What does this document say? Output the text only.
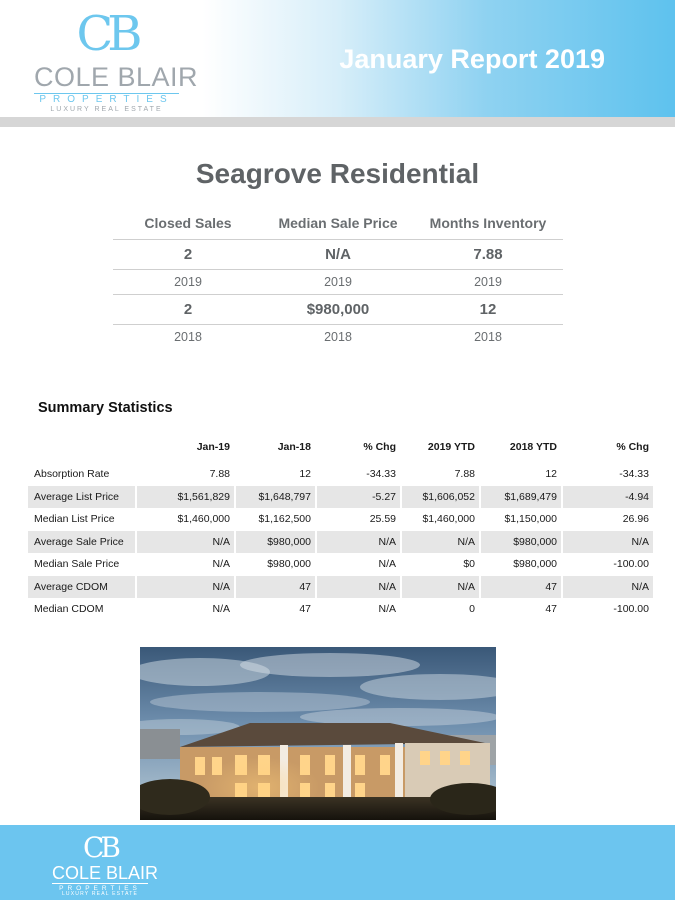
CB
COLE BLAIR
PROPERTIES
LUXURY REAL ESTATE
January Report 2019
Seagrove Residential
Closed Sales	Median Sale Price	Months Inventory
2	N/A	7.88
2019	2019	2019
2	$980,000	12
2018	2018	2018
Summary Statistics
Jan-19	Jan-18	% Chg	2019 YTD	2018 YTD	% Chg
Absorption Rate	7.88	12	-34.33	7.88	12	-34.33
Average List Price	$1,561,829	$1,648,797	-5.27	$1,606,052	$1,689,479	-4.94
Median List Price	$1,460,000	$1,162,500	25.59	$1,460,000	$1,150,000	26.96
Average Sale Price	N/A	$980,000	N/A	N/A	$980,000	N/A
Median Sale Price	N/A	$980,000	N/A	$0	$980,000	-100.00
Average CDOM	N/A	47	N/A	N/A	47	N/A
Median CDOM	N/A	47	N/A	0	47	-100.00
CB
COLE BLAIR
PROPERTIES
LUXURY REAL ESTATE
